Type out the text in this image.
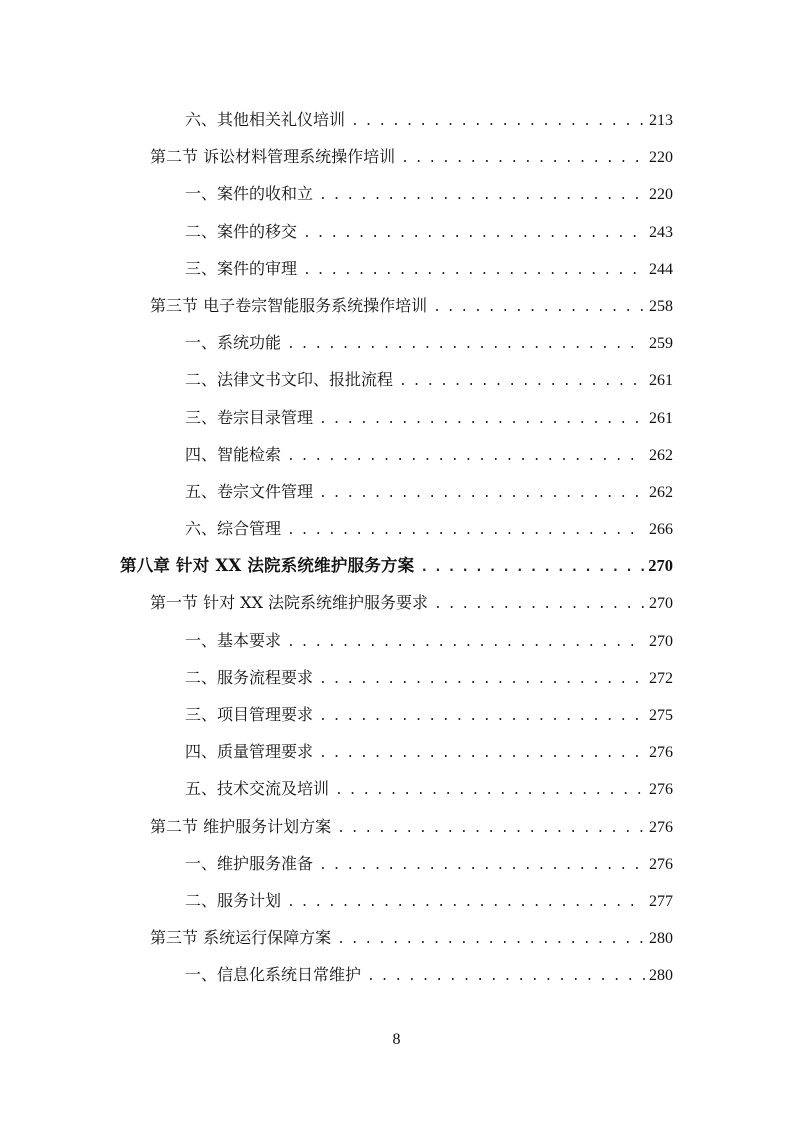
六、其他相关礼仪培训 . . .	213
第二节 诉讼材料管理系统操作培训 . . .	220
一、案件的收和立 . . .	220
二、案件的移交 . . .	243
三、案件的审理 . . .	244
第三节 电子卷宗智能服务系统操作培训 . . .	258
一、系统功能 . . .	259
二、法律文书文印、报批流程 . . .	261
三、卷宗目录管理 . . .	261
四、智能检索 . . .	262
五、卷宗文件管理 . . .	262
六、综合管理 . . .	266
第八章 针对 XX 法院系统维护服务方案 . . .	270
第一节 针对 XX 法院系统维护服务要求 . . .	270
一、基本要求 . . .	270
二、服务流程要求 . . .	272
三、项目管理要求 . . .	275
四、质量管理要求 . . .	276
五、技术交流及培训 . . .	276
第二节 维护服务计划方案 . . .	276
一、维护服务准备 . . .	276
二、服务计划 . . .	277
第三节 系统运行保障方案 . . .	280
一、信息化系统日常维护 . . .	280
8
